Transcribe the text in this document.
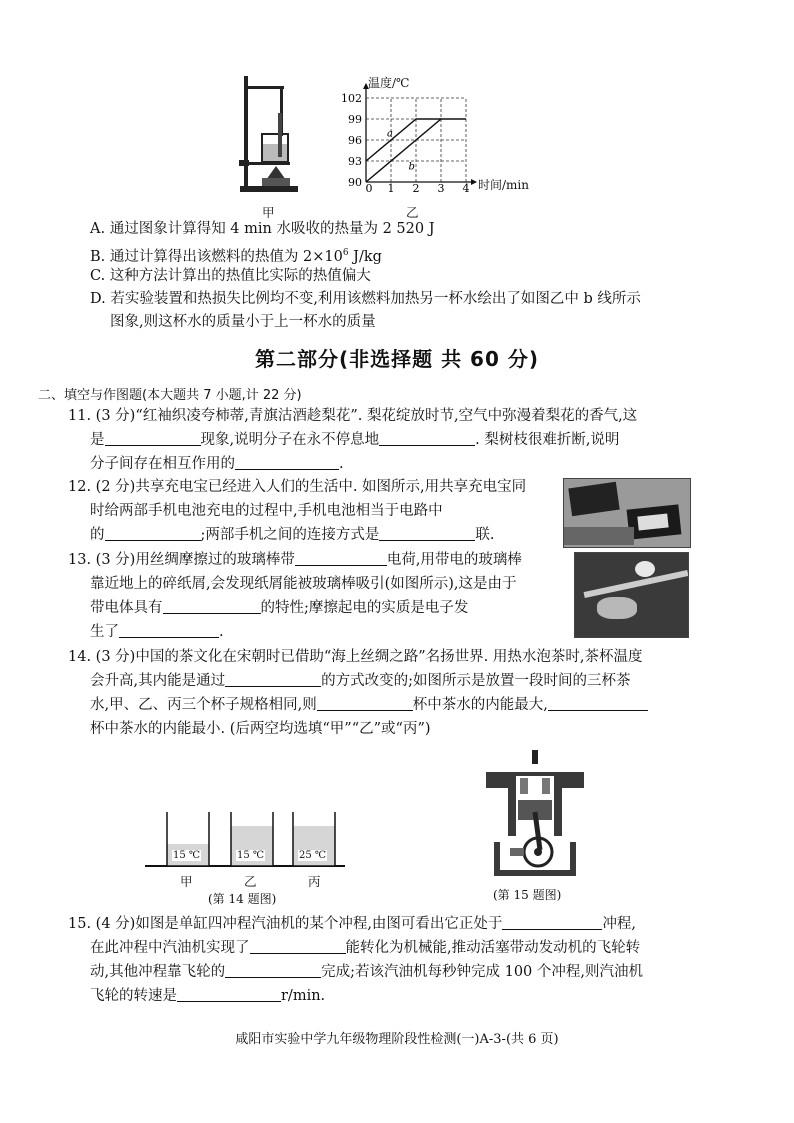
甲
温度/℃
时间/min
90
93
96
99
102
0 1 2 3 4
a
b
乙
A. 通过图象计算得知 4 min 水吸收的热量为 2 520 J
B. 通过计算得出该燃料的热值为 $2\times 10^6$ J/kg
C. 这种方法计算出的热值比实际的热值偏大
D. 若实验装置和热损失比例均不变,利用该燃料加热另一杯水绘出了如图乙中 b 线所示
图象,则这杯水的质量小于上一杯水的质量
第二部分(非选择题 共 60 分)
二、填空与作图题(本大题共 7 小题,计 22 分)
11. (3 分)“红袖织凌夸柿蒂,青旗沽酒趁梨花”. 梨花绽放时节,空气中弥漫着梨花的香气,这
是	现象,说明分子在永不停息地	. 梨树枝很难折断,说明
分子间存在相互作用的	.
12. (2 分)共享充电宝已经进入人们的生活中. 如图所示,用共享充电宝同
时给两部手机电池充电的过程中,手机电池相当于电路中
的	;两部手机之间的连接方式是	联.
13. (3 分)用丝绸摩擦过的玻璃棒带	电荷,用带电的玻璃棒
靠近地上的碎纸屑,会发现纸屑能被玻璃棒吸引(如图所示),这是由于
带电体具有	的特性;摩擦起电的实质是电子发
生了	.
14. (3 分)中国的茶文化在宋朝时已借助“海上丝绸之路”名扬世界. 用热水泡茶时,茶杯温度
会升高,其内能是通过	的方式改变的;如图所示是放置一段时间的三杯茶
水,甲、乙、丙三个杯子规格相同,则	杯中茶水的内能最大,
杯中茶水的内能最小. (后两空均选填“甲”“乙”或“丙”)
15 ℃	15 ℃	25 ℃
甲	乙	丙
(第 14 题图)	(第 15 题图)
15. (4 分)如图是单缸四冲程汽油机的某个冲程,由图可看出它正处于	冲程,
在此冲程中汽油机实现了	能转化为机械能,推动活塞带动发动机的飞轮转
动,其他冲程靠飞轮的	完成;若该汽油机每秒钟完成 100 个冲程,则汽油机
飞轮的转速是	r/min.
咸阳市实验中学九年级物理阶段性检测(一)A-3-(共 6 页)
